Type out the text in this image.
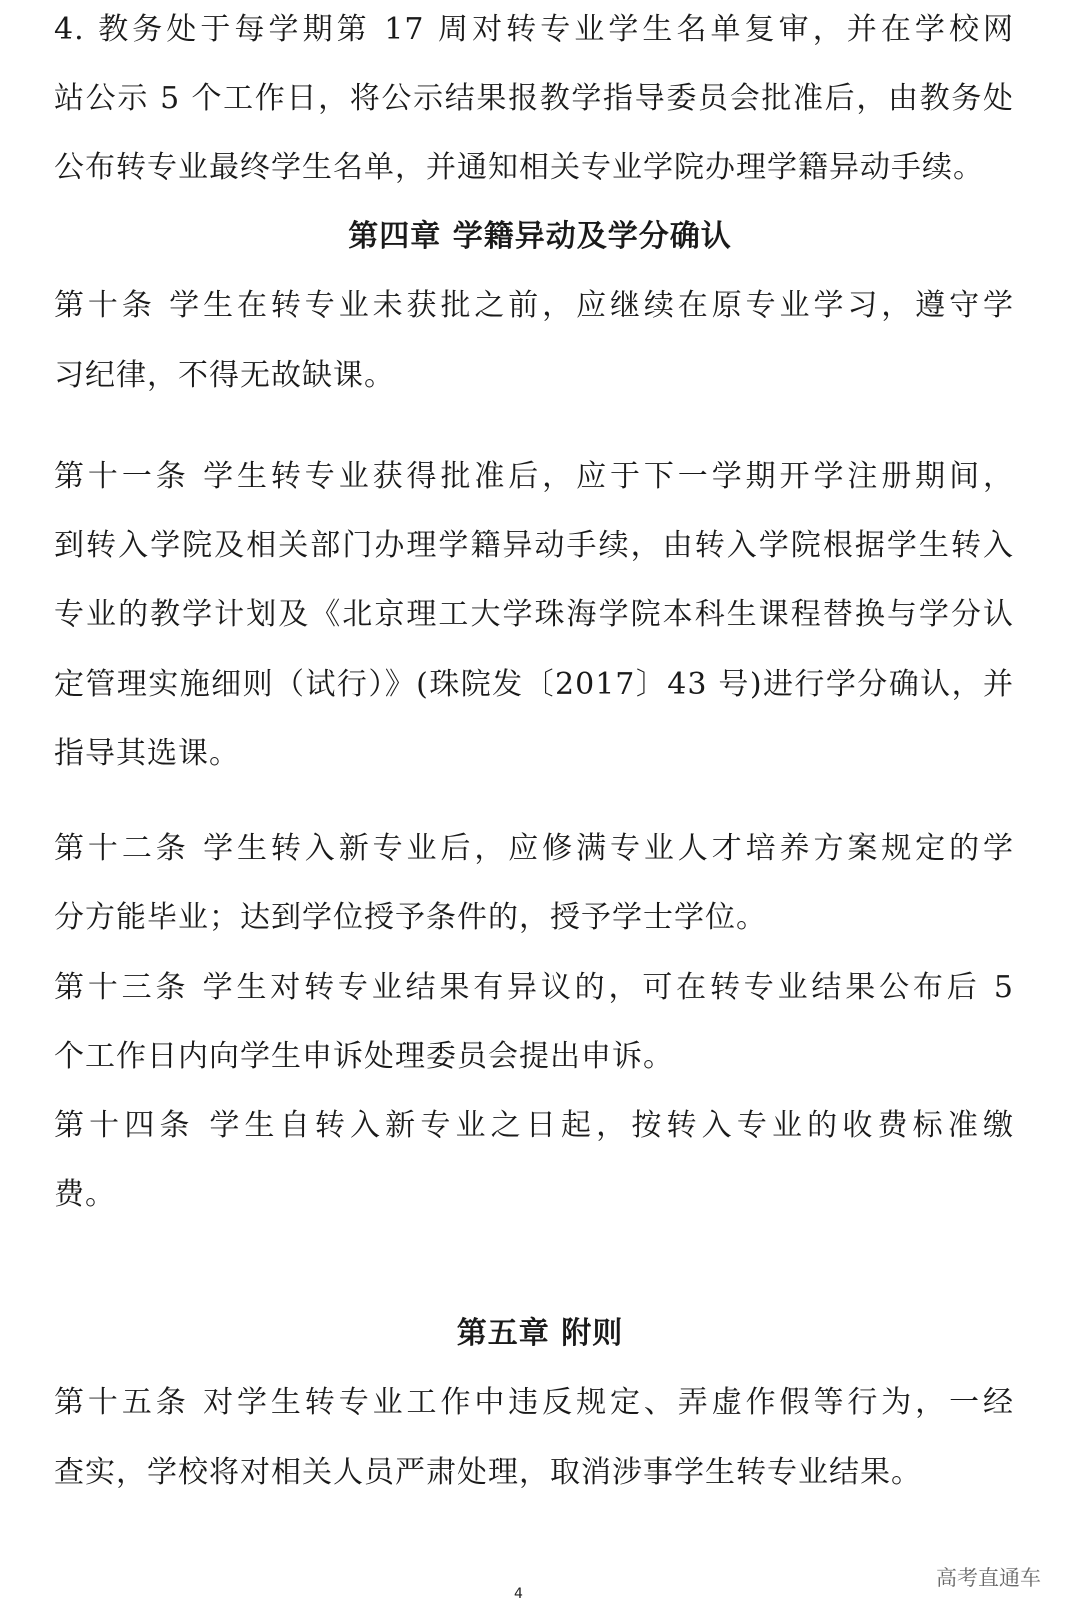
4. 教务处于每学期第 17 周对转专业学生名单复审，并在学校网
站公示 5 个工作日，将公示结果报教学指导委员会批准后，由教务处
公布转专业最终学生名单，并通知相关专业学院办理学籍异动手续。
第四章 学籍异动及学分确认
第十条 学生在转专业未获批之前，应继续在原专业学习，遵守学
习纪律，不得无故缺课。
第十一条 学生转专业获得批准后，应于下一学期开学注册期间，
到转入学院及相关部门办理学籍异动手续，由转入学院根据学生转入
专业的教学计划及《北京理工大学珠海学院本科生课程替换与学分认
定管理实施细则（试行）》(珠院发〔2017〕43 号)进行学分确认，并
指导其选课。
第十二条 学生转入新专业后，应修满专业人才培养方案规定的学
分方能毕业；达到学位授予条件的，授予学士学位。
第十三条 学生对转专业结果有异议的，可在转专业结果公布后 5
个工作日内向学生申诉处理委员会提出申诉。
第十四条 学生自转入新专业之日起，按转入专业的收费标准缴
费。
第五章 附则
第十五条 对学生转专业工作中违反规定、弄虚作假等行为，一经
查实，学校将对相关人员严肃处理，取消涉事学生转专业结果。
高考直通车
4
